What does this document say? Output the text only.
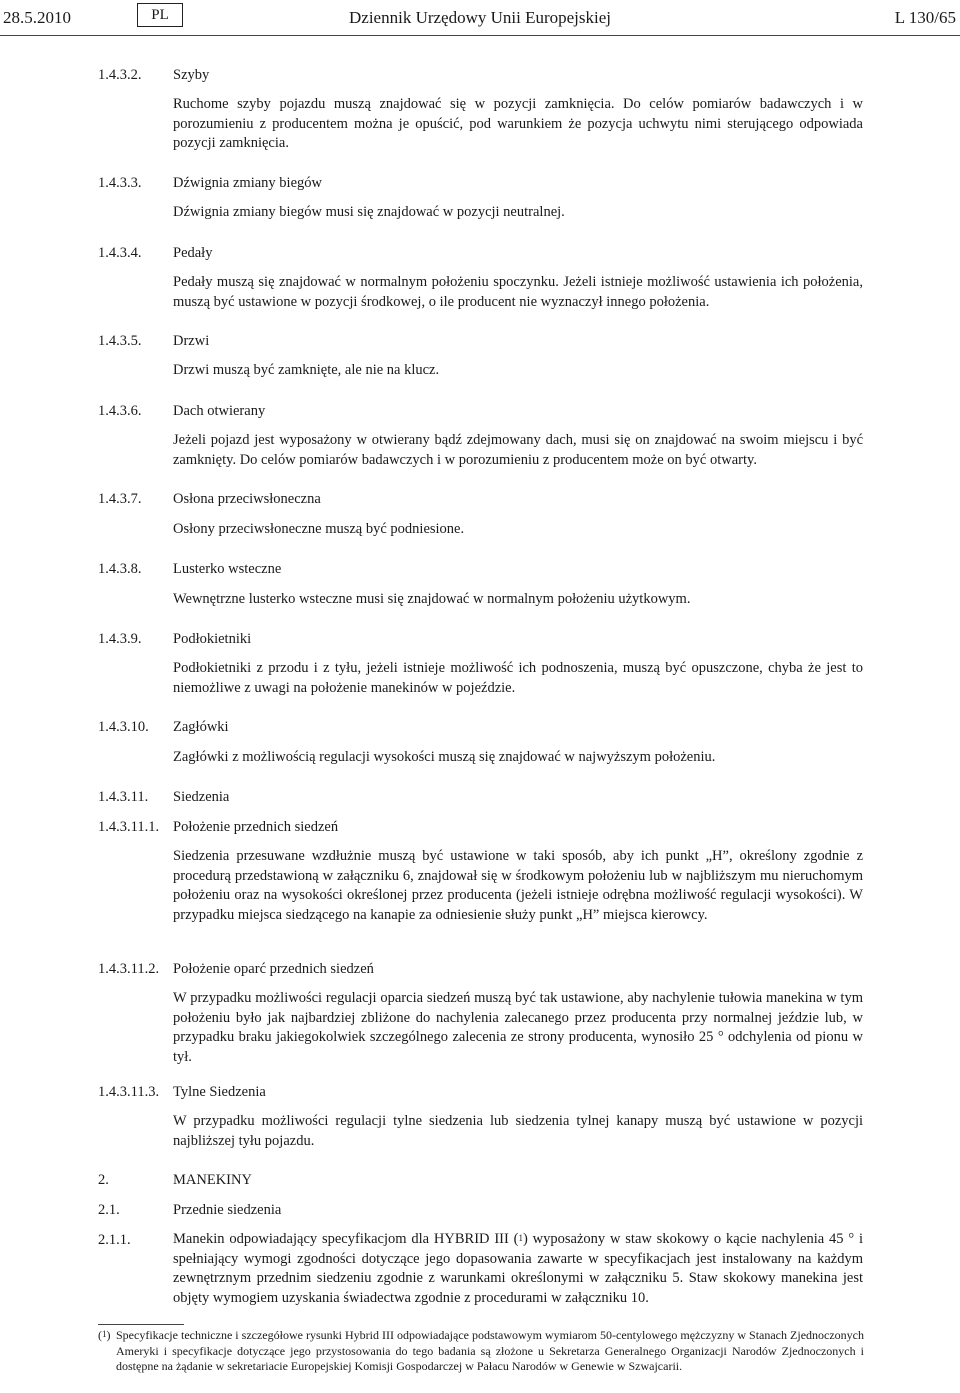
28.5.2010	PL	Dziennik Urzędowy Unii Europejskiej	L 130/65
1.4.3.2.	Szyby
Ruchome szyby pojazdu muszą znajdować się w pozycji zamknięcia. Do celów pomiarów badawczych i w porozumieniu z producentem można je opuścić, pod warunkiem że pozycja uchwytu nimi sterującego odpowiada pozycji zamknięcia.
1.4.3.3.	Dźwignia zmiany biegów
Dźwignia zmiany biegów musi się znajdować w pozycji neutralnej.
1.4.3.4.	Pedały
Pedały muszą się znajdować w normalnym położeniu spoczynku. Jeżeli istnieje możliwość ustawienia ich położenia, muszą być ustawione w pozycji środkowej, o ile producent nie wyznaczył innego położenia.
1.4.3.5.	Drzwi
Drzwi muszą być zamknięte, ale nie na klucz.
1.4.3.6.	Dach otwierany
Jeżeli pojazd jest wyposażony w otwierany bądź zdejmowany dach, musi się on znajdować na swoim miejscu i być zamknięty. Do celów pomiarów badawczych i w porozumieniu z producentem może on być otwarty.
1.4.3.7.	Osłona przeciwsłoneczna
Osłony przeciwsłoneczne muszą być podniesione.
1.4.3.8.	Lusterko wsteczne
Wewnętrzne lusterko wsteczne musi się znajdować w normalnym położeniu użytkowym.
1.4.3.9.	Podłokietniki
Podłokietniki z przodu i z tyłu, jeżeli istnieje możliwość ich podnoszenia, muszą być opuszczone, chyba że jest to niemożliwe z uwagi na położenie manekinów w pojeździe.
1.4.3.10.	Zagłówki
Zagłówki z możliwością regulacji wysokości muszą się znajdować w najwyższym położeniu.
1.4.3.11.	Siedzenia
1.4.3.11.1. Położenie przednich siedzeń
Siedzenia przesuwane wzdłużnie muszą być ustawione w taki sposób, aby ich punkt „H”, określony zgodnie z procedurą przedstawioną w załączniku 6, znajdował się w środkowym położeniu lub w najbliższym mu nieruchomym położeniu oraz na wysokości określonej przez producenta (jeżeli istnieje odrębna możliwość regulacji wysokości). W przypadku miejsca siedzącego na kanapie za odniesienie służy punkt „H” miejsca kierowcy.
1.4.3.11.2. Położenie oparć przednich siedzeń
W przypadku możliwości regulacji oparcia siedzeń muszą być tak ustawione, aby nachylenie tułowia manekina w tym położeniu było jak najbardziej zbliżone do nachylenia zalecanego przez producenta przy normalnej jeździe lub, w przypadku braku jakiegokolwiek szczególnego zalecenia ze strony producenta, wynosiło 25 ° odchylenia od pionu w tył.
1.4.3.11.3. Tylne Siedzenia
W przypadku możliwości regulacji tylne siedzenia lub siedzenia tylnej kanapy muszą być ustawione w pozycji najbliższej tyłu pojazdu.
2.	MANEKINY
2.1.	Przednie siedzenia
2.1.1.	Manekin odpowiadający specyfikacjom dla HYBRID III ($^1$) wyposażony w staw skokowy o kącie nachylenia 45 ° i spełniający wymogi zgodności dotyczące jego dopasowania zawarte w specyfikacjach jest instalowany na każdym zewnętrznym przednim siedzeniu zgodnie z warunkami określonymi w załączniku 5. Staw skokowy manekina jest objęty wymogiem uzyskania świadectwa zgodnie z procedurami w załączniku 10.
($^1$) Specyfikacje techniczne i szczegółowe rysunki Hybrid III odpowiadające podstawowym wymiarom 50-centylowego mężczyzny w Stanach Zjednoczonych Ameryki i specyfikacje dotyczące jego przystosowania do tego badania są złożone u Sekretarza Generalnego Organizacji Narodów Zjednoczonych i dostępne na żądanie w sekretariacie Europejskiej Komisji Gospodarczej w Pałacu Narodów w Genewie w Szwajcarii.
